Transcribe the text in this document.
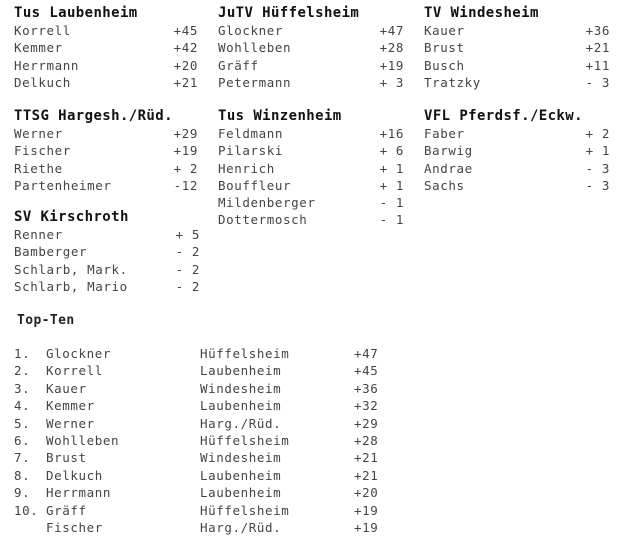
Tus Laubenheim
Korrell	+45
Kemmer	+42
Herrmann	+20
Delkuch	+21
JuTV Hüffelsheim
Glockner	+47
Wohlleben	+28
Gräff	+19
Petermann	+ 3
TV Windesheim
Kauer	+36
Brust	+21
Busch	+11
Tratzky	- 3
TTSG Hargesh./Rüd.
Werner	+29
Fischer	+19
Riethe	+ 2
Partenheimer	-12
Tus Winzenheim
Feldmann	+16
Pilarski	+ 6
Henrich	+ 1
Bouffleur	+ 1
Mildenberger	- 1
Dottermosch	- 1
VFL Pferdsf./Eckw.
Faber	+ 2
Barwig	+ 1
Andrae	- 3
Sachs	- 3
SV Kirschroth
Renner	+ 5
Bamberger	- 2
Schlarb, Mark.	- 2
Schlarb, Mario	- 2
Top-Ten
1. Glockner	Hüffelsheim	+47
2. Korrell	Laubenheim	+45
3. Kauer	Windesheim	+36
4. Kemmer	Laubenheim	+32
5. Werner	Harg./Rüd.	+29
6. Wohlleben	Hüffelsheim	+28
7. Brust	Windesheim	+21
8. Delkuch	Laubenheim	+21
9. Herrmann	Laubenheim	+20
10. Gräff	Hüffelsheim	+19
Fischer	Harg./Rüd.	+19
